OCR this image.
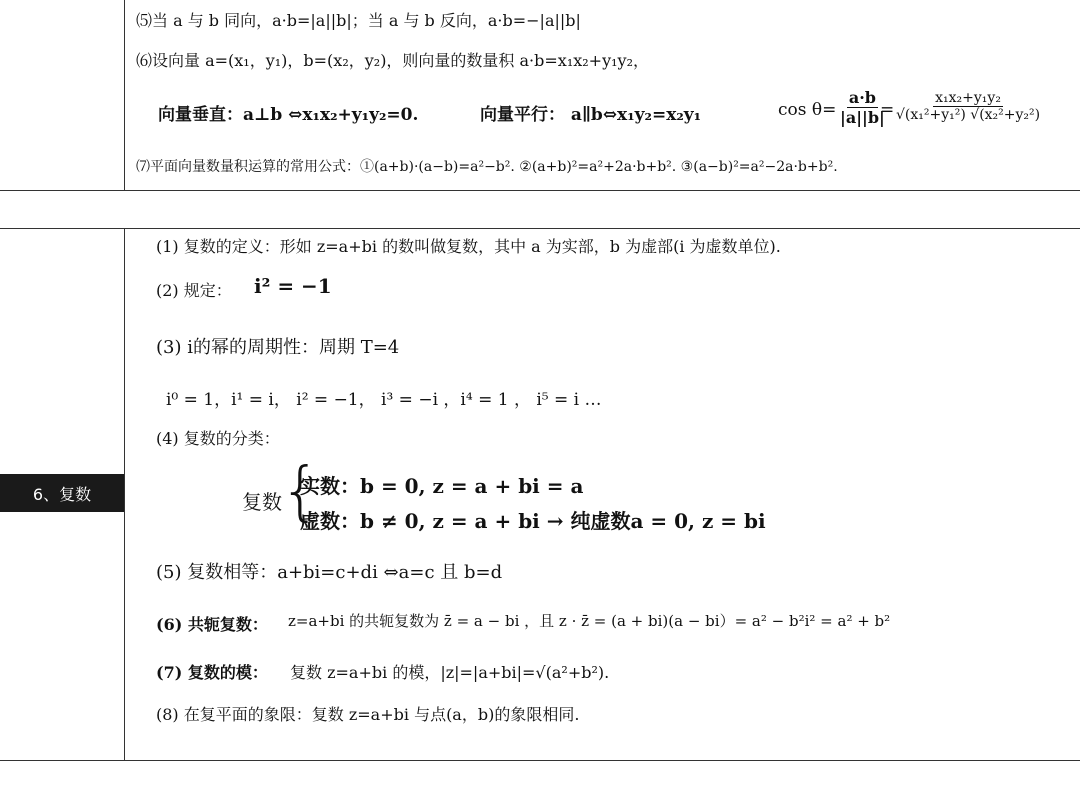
⑸当 a 与 b 同向，a·b=|a||b|；当 a 与 b 反向，a·b=−|a||b|
⑹设向量 a=(x₁，y₁)，b=(x₂，y₂)，则向量的数量积 a·b=x₁x₂+y₁y₂，
向量垂直：a⊥b ⇔x₁x₂+y₁y₂=0.	向量平行： a∥b⇔x₁y₂=x₂y₁	$\cos \theta= \frac{a\cdot b}{|a||b|}$
= $\frac{\text{x₁x₂+y₁y₂}}{\text{√(x₁²+y₁²) √(x₂²+y₂²)}}$
⑺平面向量数量积运算的常用公式：①(a+b)·(a−b)=a²−b². ②(a+b)²=a²+2a·b+b². ③(a−b)²=a²−2a·b+b².
6、复数
(1) 复数的定义：形如 z=a+bi 的数叫做复数，其中 a 为实部，b 为虚部(i 为虚数单位).
(2) 规定： i² = −1
(3) i的幂的周期性：周期 T=4
i⁰ = 1，i¹ = i， i² = −1， i³ = −i ，i⁴ = 1 ， i⁵ = i …
(4) 复数的分类：
复数
{
实数：b = 0, z = a + bi = a
虚数：b ≠ 0, z = a + bi → 纯虚数a = 0, z = bi
(5) 复数相等：a+bi=c+di ⇔a=c 且 b=d
(6) 共轭复数： z=a+bi 的共轭复数为 z̄ = a − bi ，且 z · z̄ = (a + bi)(a − bi）= a² − b²i² = a² + b²
(7) 复数的模： 复数 z=a+bi 的模，|z|=|a+bi|=√(a²+b²).
(8) 在复平面的象限：复数 z=a+bi 与点(a，b)的象限相同.
